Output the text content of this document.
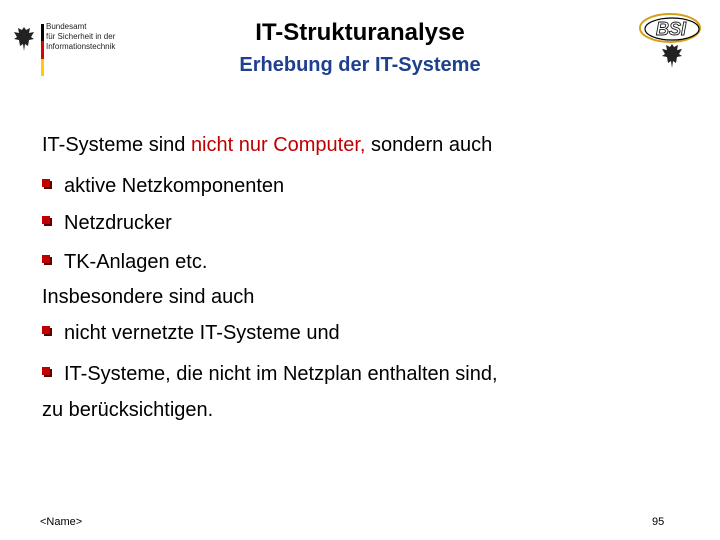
Bundesamt
für Sicherheit in der
Informationstechnik
IT-Strukturanalyse
Erhebung der IT-Systeme
BSI
IT-Systeme sind nicht nur Computer, sondern auch
aktive Netzkomponenten
Netzdrucker
TK-Anlagen etc.
Insbesondere sind auch
nicht vernetzte IT-Systeme und
IT-Systeme, die nicht im Netzplan enthalten sind,
zu berücksichtigen.
<Name>	95
